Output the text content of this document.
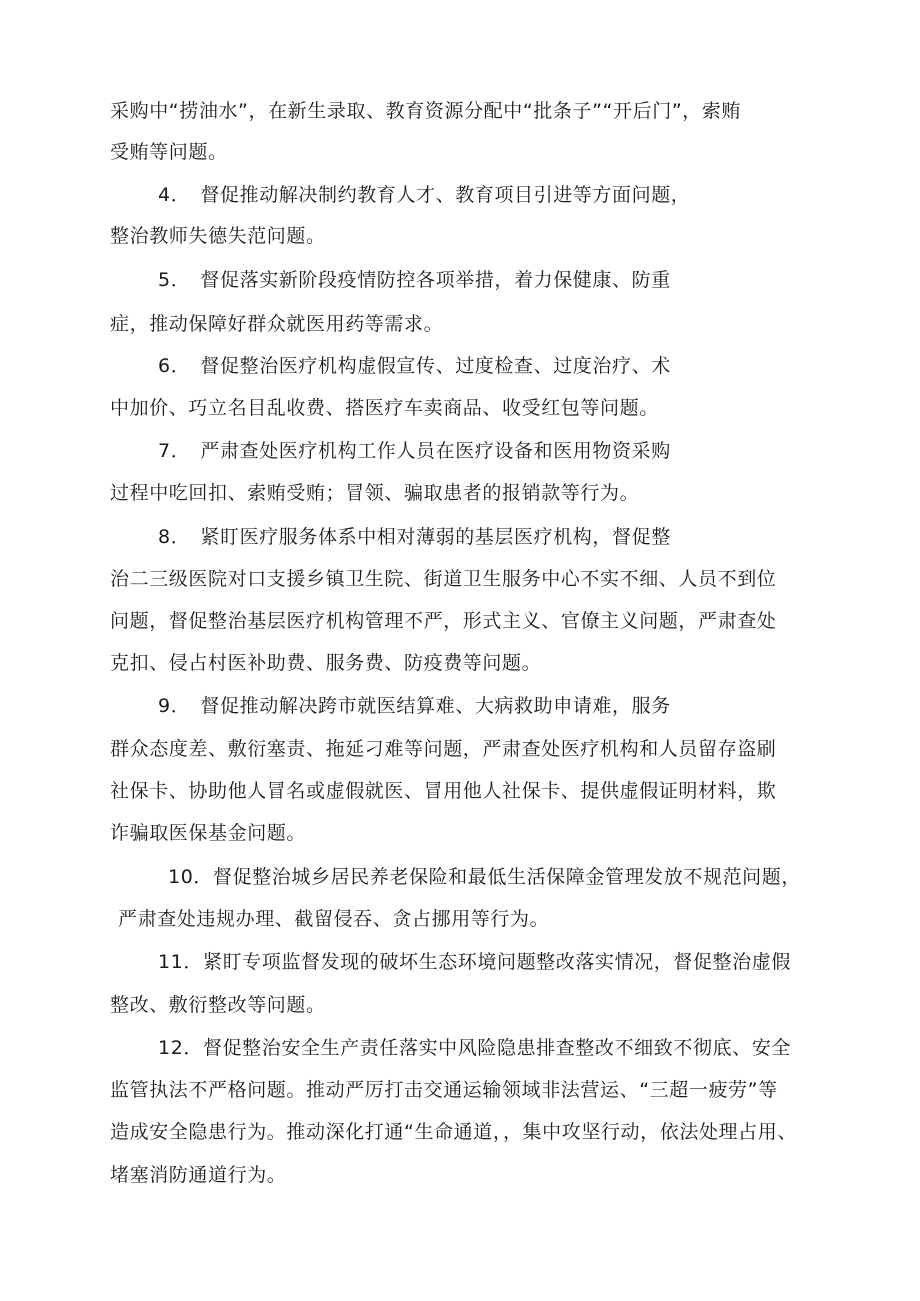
采购中“捞油水”，在新生录取、教育资源分配中“批条子”“开后门”，索贿
受贿等问题。
4．　督促推动解决制约教育人才、教育项目引进等方面问题，
整治教师失德失范问题。
5．　督促落实新阶段疫情防控各项举措，着力保健康、防重
症，推动保障好群众就医用药等需求。
6．　督促整治医疗机构虚假宣传、过度检查、过度治疗、术
中加价、巧立名目乱收费、搭医疗车卖商品、收受红包等问题。
7．　严肃查处医疗机构工作人员在医疗设备和医用物资采购
过程中吃回扣、索贿受贿；冒领、骗取患者的报销款等行为。
8．　紧盯医疗服务体系中相对薄弱的基层医疗机构，督促整
治二三级医院对口支援乡镇卫生院、街道卫生服务中心不实不细、人员不到位
问题，督促整治基层医疗机构管理不严，形式主义、官僚主义问题，严肃查处
克扣、侵占村医补助费、服务费、防疫费等问题。
9．　督促推动解决跨市就医结算难、大病救助申请难，服务
群众态度差、敷衍塞责、拖延刁难等问题，严肃查处医疗机构和人员留存盗刷
社保卡、协助他人冒名或虚假就医、冒用他人社保卡、提供虚假证明材料，欺
诈骗取医保基金问题。
10．督促整治城乡居民养老保险和最低生活保障金管理发放不规范问题，
严肃查处违规办理、截留侵吞、贪占挪用等行为。
11．紧盯专项监督发现的破坏生态环境问题整改落实情况，督促整治虚假
整改、敷衍整改等问题。
12．督促整治安全生产责任落实中风险隐患排查整改不细致不彻底、安全
监管执法不严格问题。推动严厉打击交通运输领域非法营运、“三超一疲劳”等
造成安全隐患行为。推动深化打通“生命通道，，集中攻坚行动，依法处理占用、
堵塞消防通道行为。
